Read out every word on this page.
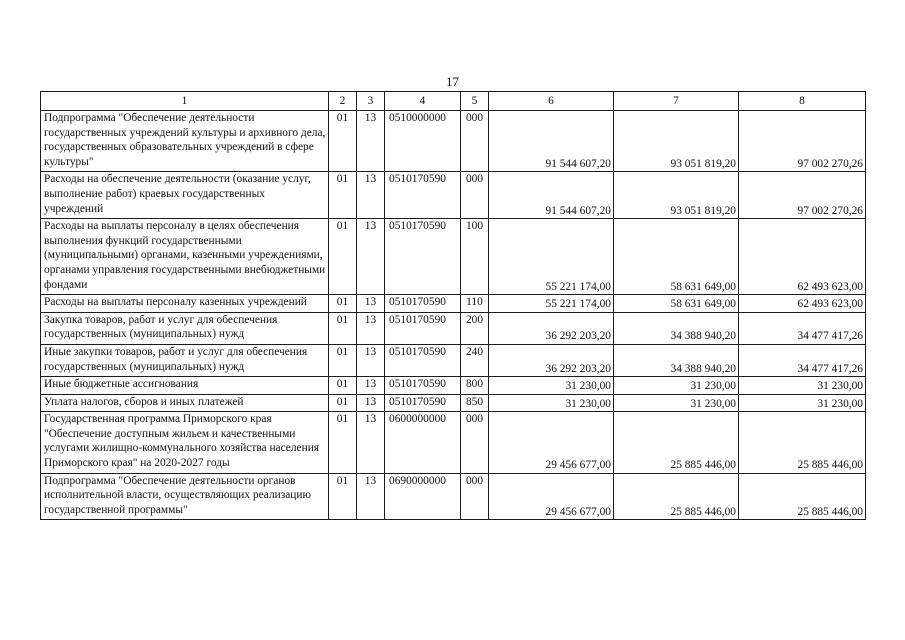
17
1	2	3	4	5	6	7	8
Подпрограмма "Обеспечение деятельности государственных учреждений культуры и архивного дела, государственных образовательных учреждений в сфере культуры"	01	13	0510000000	000	91 544 607,20	93 051 819,20	97 002 270,26
Расходы на обеспечение деятельности (оказание услуг, выполнение работ) краевых государственных учреждений	01	13	0510170590	000	91 544 607,20	93 051 819,20	97 002 270,26
Расходы на выплаты персоналу в целях обеспечения выполнения функций государственными (муниципальными) органами, казенными учреждениями, органами управления государственными внебюджетными фондами	01	13	0510170590	100	55 221 174,00	58 631 649,00	62 493 623,00
Расходы на выплаты персоналу казенных учреждений	01	13	0510170590	110	55 221 174,00	58 631 649,00	62 493 623,00
Закупка товаров, работ и услуг для обеспечения государственных (муниципальных) нужд	01	13	0510170590	200	36 292 203,20	34 388 940,20	34 477 417,26
Иные закупки товаров, работ и услуг для обеспечения государственных (муниципальных) нужд	01	13	0510170590	240	36 292 203,20	34 388 940,20	34 477 417,26
Иные бюджетные ассигнования	01	13	0510170590	800	31 230,00	31 230,00	31 230,00
Уплата налогов, сборов и иных платежей	01	13	0510170590	850	31 230,00	31 230,00	31 230,00
Государственная программа Приморского края "Обеспечение доступным жильем и качественными услугами жилищно-коммунального хозяйства населения Приморского края" на 2020-2027 годы	01	13	0600000000	000	29 456 677,00	25 885 446,00	25 885 446,00
Подпрограмма "Обеспечение деятельности органов исполнительной власти, осуществляющих реализацию государственной программы"	01	13	0690000000	000	29 456 677,00	25 885 446,00	25 885 446,00
